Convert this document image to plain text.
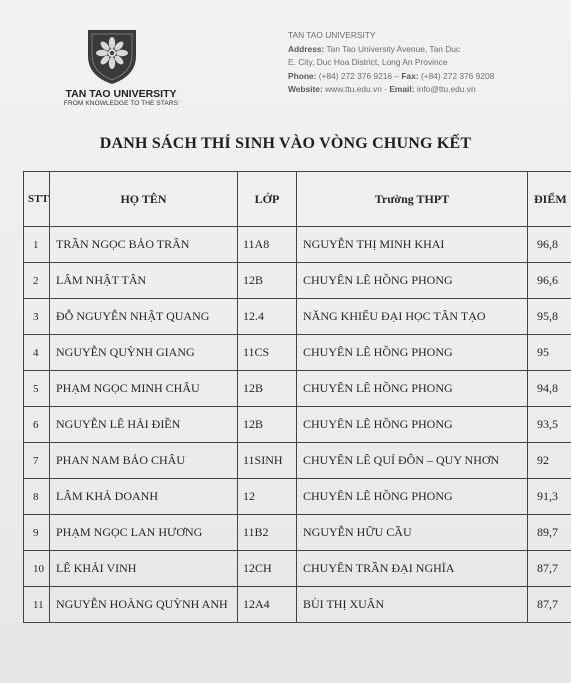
TAN TAO UNIVERSITY
FROM KNOWLEDGE TO THE STARS
TAN TAO UNIVERSITY
Address: Tan Tao University Avenue, Tan Duc
E. City, Duc Hoa District, Long An Province
Phone: (+84) 272 376 9216 – Fax: (+84) 272 376 9208
Website: www.ttu.edu.vn - Email: info@ttu.edu.vn
DANH SÁCH THÍ SINH VÀO VÒNG CHUNG KẾT
STT	HỌ TÊN	LỚP	Trường THPT	ĐIỂM
1	TRẦN NGỌC BẢO TRÂN	11A8	NGUYỄN THỊ MINH KHAI	96,8
2	LÂM NHẬT TÂN	12B	CHUYÊN LÊ HỒNG PHONG	96,6
3	ĐỖ NGUYỄN NHẬT QUANG	12.4	NĂNG KHIẾU ĐẠI HỌC TÂN TẠO	95,8
4	NGUYỄN QUỲNH GIANG	11CS	CHUYÊN LÊ HỒNG PHONG	95
5	PHẠM NGỌC MINH CHÂU	12B	CHUYÊN LÊ HỒNG PHONG	94,8
6	NGUYỄN LÊ HẢI ĐIỀN	12B	CHUYÊN LÊ HỒNG PHONG	93,5
7	PHAN NAM BẢO CHÂU	11SINH	CHUYÊN LÊ QUÍ ĐÔN – QUY NHƠN	92
8	LÂM KHẢ DOANH	12	CHUYÊN LÊ HỒNG PHONG	91,3
9	PHẠM NGỌC LAN HƯƠNG	11B2	NGUYỄN HỮU CẦU	89,7
10	LÊ KHẢI VINH	12CH	CHUYÊN TRẦN ĐẠI NGHĨA	87,7
11	NGUYỄN HOÀNG QUỲNH ANH	12A4	BÙI THỊ XUÂN	87,7
